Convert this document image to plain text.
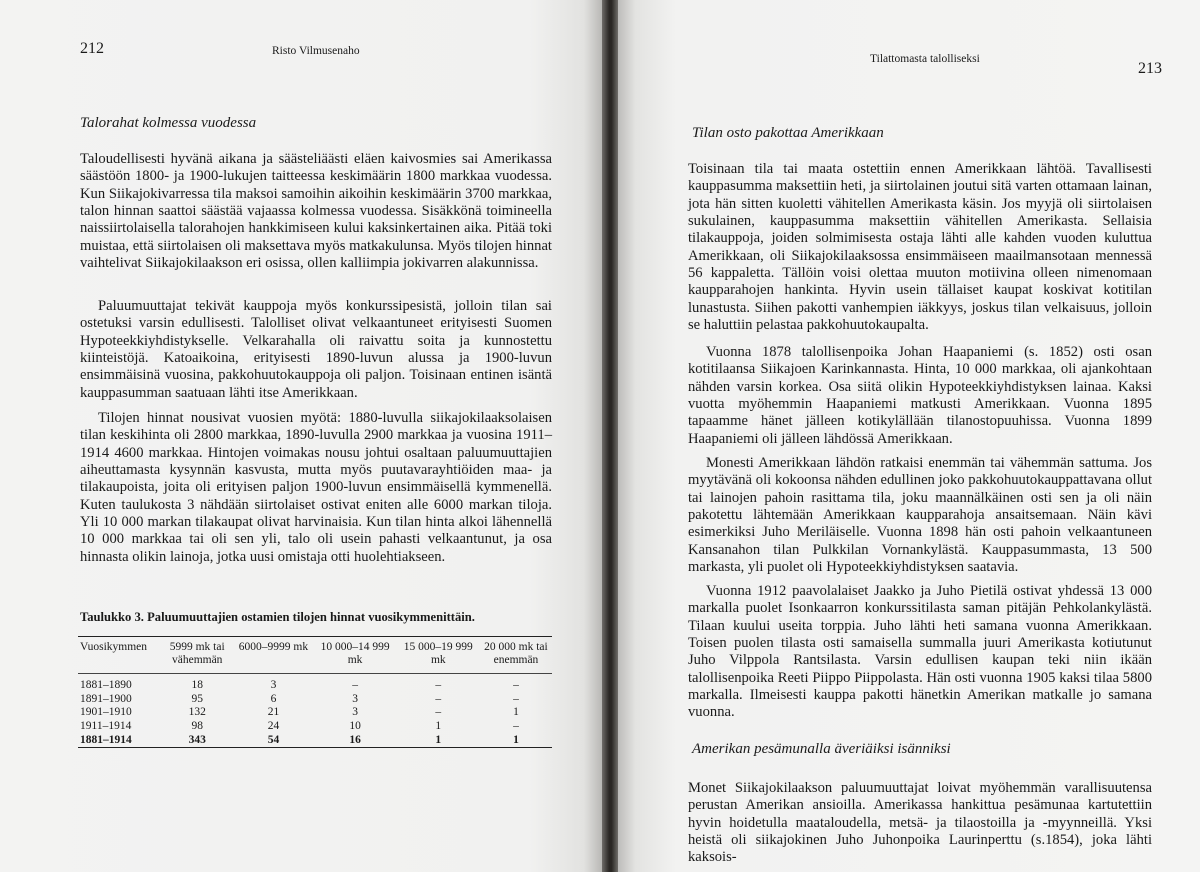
212	Risto Vilmusenaho
Talorahat kolmessa vuodessa

Taloudellisesti hyvänä aikana ja säästeliäästi eläen kaivosmies sai Amerikassa säästöön 1800- ja 1900-lukujen taitteessa keskimäärin 1800 markkaa vuodessa. Kun Siikajokivarressa tila maksoi samoihin aikoihin keskimäärin 3700 markkaa, talon hinnan saattoi säästää vajaassa kolmessa vuodessa. Sisäkkönä toimineella naissiirtolaisella talorahojen hankkimiseen kului kaksinkertainen aika. Pitää toki muistaa, että siirtolaisen oli maksettava myös matkakulunsa. Myös tilojen hinnat vaihtelivat Siikajokilaakson eri osissa, ollen kalliimpia jokivarren alakunnissa.

Paluumuuttajat tekivät kauppoja myös konkurssipesistä, jolloin tilan sai ostetuksi varsin edullisesti. Talolliset olivat velkaantuneet erityisesti Suomen Hypoteekkiyhdistykselle. Velkarahalla oli raivattu soita ja kunnostettu kiinteistöjä. Katoaikoina, erityisesti 1890-luvun alussa ja 1900-luvun ensimmäisinä vuosina, pakkohuutokauppoja oli paljon. Toisinaan entinen isäntä kauppasumman saatuaan lähti itse Amerikkaan.

Tilojen hinnat nousivat vuosien myötä: 1880-luvulla siikajokilaaksolaisen tilan keskihinta oli 2800 markkaa, 1890-luvulla 2900 markkaa ja vuosina 1911–1914 4600 markkaa. Hintojen voimakas nousu johtui osaltaan paluumuuttajien aiheuttamasta kysynnän kasvusta, mutta myös puutavarayhtiöiden maa- ja tilakaupoista, joita oli erityisen paljon 1900-luvun ensimmäisellä kymmenellä. Kuten taulukosta 3 nähdään siirtolaiset ostivat eniten alle 6000 markan tiloja. Yli 10 000 markan tilakaupat olivat harvinaisia. Kun tilan hinta alkoi lähennellä 10 000 markkaa tai oli sen yli, talo oli usein pahasti velkaantunut, ja osa hinnasta olikin lainoja, jotka uusi omistaja otti huolehtiakseen.

Taulukko 3. Paluumuuttajien ostamien tilojen hinnat vuosikymmenittäin.
Vuosikymmen	5999 mk tai vähemmän	6000–9999 mk	10 000–14 999 mk	15 000–19 999 mk	20 000 mk tai enemmän
1881–1890	18	3	–	–	–
1891–1900	95	6	3	–	–
1901–1910	132	21	3	–	1
1911–1914	98	24	10	1	–
1881–1914	343	54	16	1	1
Tilattomasta talolliseksi
213
Tilan osto pakottaa Amerikkaan

Toisinaan tila tai maata ostettiin ennen Amerikkaan lähtöä. Tavallisesti kauppasumma maksettiin heti, ja siirtolainen joutui sitä varten ottamaan lainan, jota hän sitten kuoletti vähitellen Amerikasta käsin. Jos myyjä oli siirtolaisen sukulainen, kauppasumma maksettiin vähitellen Amerikasta. Sellaisia tilakauppoja, joiden solmimisesta ostaja lähti alle kahden vuoden kuluttua Amerikkaan, oli Siikajokilaaksossa ensimmäiseen maailmansotaan mennessä 56 kappaletta. Tällöin voisi olettaa muuton motiivina olleen nimenomaan kaupparahojen hankinta. Hyvin usein tällaiset kaupat koskivat kotitilan lunastusta. Siihen pakotti vanhempien iäkkyys, joskus tilan velkaisuus, jolloin se haluttiin pelastaa pakkohuutokaupalta.

Vuonna 1878 talollisenpoika Johan Haapaniemi (s. 1852) osti osan kotitilaansa Siikajoen Karinkannasta. Hinta, 10 000 markkaa, oli ajankohtaan nähden varsin korkea. Osa siitä olikin Hypoteekkiyhdistyksen lainaa. Kaksi vuotta myöhemmin Haapaniemi matkusti Amerikkaan. Vuonna 1895 tapaamme hänet jälleen kotikylällään tilanostopuuhissa. Vuonna 1899 Haapaniemi oli jälleen lähdössä Amerikkaan.

Monesti Amerikkaan lähdön ratkaisi enemmän tai vähemmän sattuma. Jos myytävänä oli kokoonsa nähden edullinen joko pakkohuutokauppattavana ollut tai lainojen pahoin rasittama tila, joku maannälkäinen osti sen ja oli näin pakotettu lähtemään Amerikkaan kaupparahoja ansaitsemaan. Näin kävi esimerkiksi Juho Meriläiselle. Vuonna 1898 hän osti pahoin velkaantuneen Kansanahon tilan Pulkkilan Vornankylästä. Kauppasummasta, 13 500 markasta, yli puolet oli Hypoteekkiyhdistyksen saatavia.

Vuonna 1912 paavolalaiset Jaakko ja Juho Pietilä ostivat yhdessä 13 000 markalla puolet Isonkaarron konkurssitilasta saman pitäjän Pehkolankylästä. Tilaan kuului useita torppia. Juho lähti heti samana vuonna Amerikkaan. Toisen puolen tilasta osti samaisella summalla juuri Amerikasta kotiutunut Juho Vilppola Rantsilasta. Varsin edullisen kaupan teki niin ikään talollisenpoika Reeti Piippo Piippolasta. Hän osti vuonna 1905 kaksi tilaa 5800 markalla. Ilmeisesti kauppa pakotti hänetkin Amerikan matkalle jo samana vuonna.

Amerikan pesämunalla äveriäiksi isänniksi

Monet Siikajokilaakson paluumuuttajat loivat myöhemmän varallisuutensa perustan Amerikan ansioilla. Amerikassa hankittua pesämunaa kartutettiin hyvin hoidetulla maataloudella, metsä- ja tilaostoilla ja -myynneillä. Yksi heistä oli siikajokinen Juho Juhonpoika Laurinperttu (s.1854), joka lähti kaksois-
